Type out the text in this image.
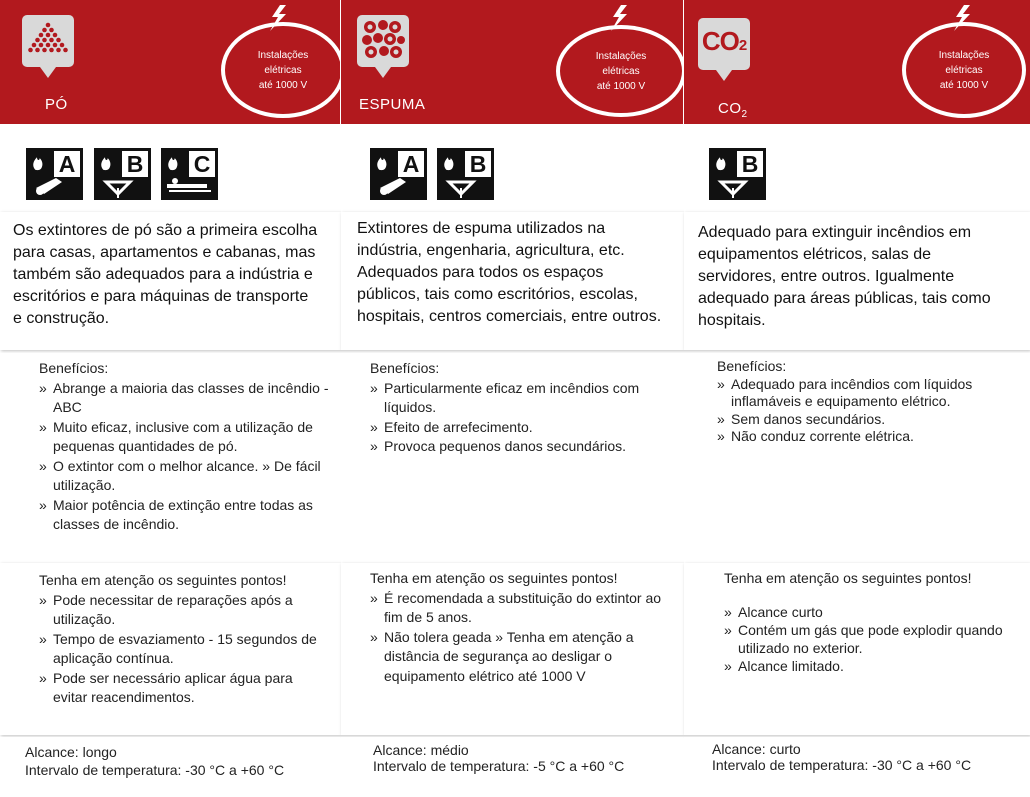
PÓ
Instalações
elétricas
até 1000 V
A B C
Os extintores de pó são a primeira escolha para casas, apartamentos e cabanas, mas também são adequados para a indústria e escritórios e para máquinas de transporte e construção.
Benefícios:
» Abrange a maioria das classes de incêndio - ABC
» Muito eficaz, inclusive com a utilização de pequenas quantidades de pó.
» O extintor com o melhor alcance. » De fácil utilização.
» Maior potência de extinção entre todas as classes de incêndio.
Tenha em atenção os seguintes pontos!
» Pode necessitar de reparações após a utilização.
» Tempo de esvaziamento - 15 segundos de aplicação contínua.
» Pode ser necessário aplicar água para evitar reacendimentos.
Alcance: longo
Intervalo de temperatura: -30 °C a +60 °C
ESPUMA
Instalações
elétricas
até 1000 V
A B
Extintores de espuma utilizados na indústria, engenharia, agricultura, etc. Adequados para todos os espaços públicos, tais como escritórios, escolas, hospitais, centros comerciais, entre outros.
Benefícios:
» Particularmente eficaz em incêndios com líquidos.
» Efeito de arrefecimento.
» Provoca pequenos danos secundários.
Tenha em atenção os seguintes pontos!
» É recomendada a substituição do extintor ao fim de 5 anos.
» Não tolera geada » Tenha em atenção a distância de segurança ao desligar o equipamento elétrico até 1000 V
Alcance: médio
Intervalo de temperatura: -5 °C a +60 °C
CO2
$CO_2$
Instalações
elétricas
até 1000 V
B
Adequado para extinguir incêndios em equipamentos elétricos, salas de servidores, entre outros. Igualmente adequado para áreas públicas, tais como hospitais.
Benefícios:
» Adequado para incêndios com líquidos inflamáveis e equipamento elétrico.
» Sem danos secundários.
» Não conduz corrente elétrica.
Tenha em atenção os seguintes pontos!
» Alcance curto
» Contém um gás que pode explodir quando utilizado no exterior.
» Alcance limitado.
Alcance: curto
Intervalo de temperatura: -30 °C a +60 °C
